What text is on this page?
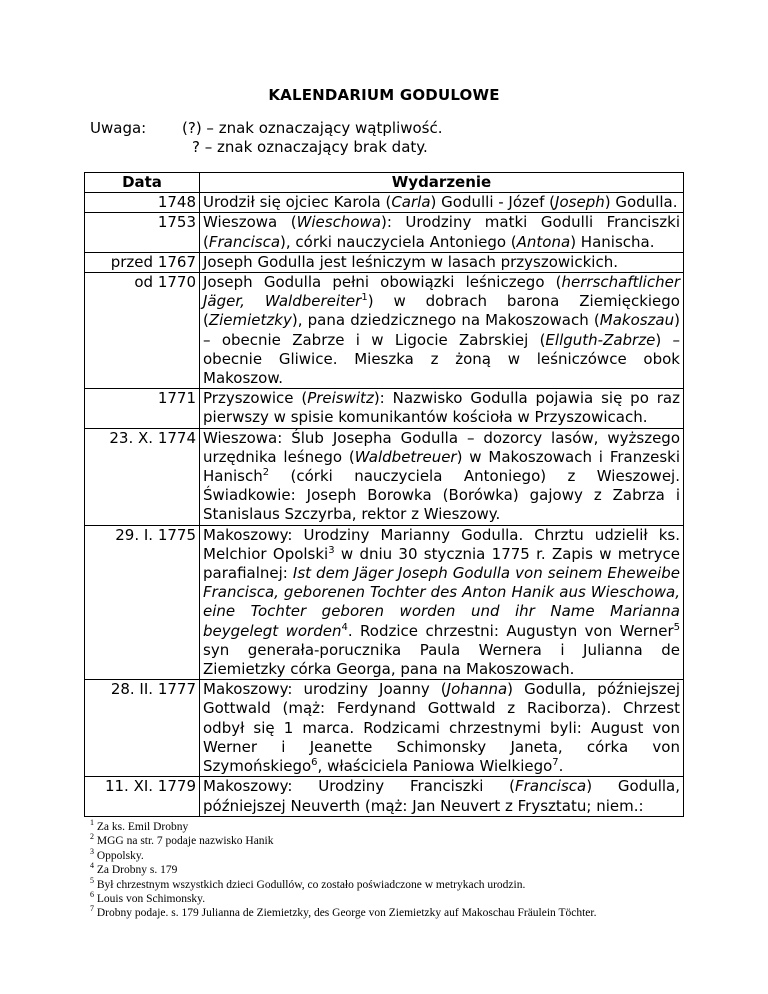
KALENDARIUM GODULOWE
Uwaga: (?) – znak oznaczający wątpliwość.
? – znak oznaczający brak daty.
Data	Wydarzenie
1748	Urodził się ojciec Karola (Carla) Godulli - Józef (Joseph) Godulla.
1753	Wieszowa (Wieschowa): Urodziny matki Godulli Franciszki (Francisca), córki nauczyciela Antoniego (Antona) Hanischa.
przed 1767	Joseph Godulla jest leśniczym w lasach przyszowickich.
od 1770	Joseph Godulla pełni obowiązki leśniczego (herrschaftlicher Jäger, Waldbereiter$^1$) w dobrach barona Ziemięckiego (Ziemietzky), pana dziedzicznego na Makoszowach (Makoszau) – obecnie Zabrze i w Ligocie Zabrskiej (Ellguth-Zabrze) – obecnie Gliwice. Mieszka z żoną w leśniczówce obok Makoszow.
1771	Przyszowice (Preiswitz): Nazwisko Godulla pojawia się po raz pierwszy w spisie komunikantów kościoła w Przyszowicach.
23. X. 1774	Wieszowa: Ślub Josepha Godulla – dozorcy lasów, wyższego urzędnika leśnego (Waldbetreuer) w Makoszowach i Franzeski Hanisch$^2$ (córki nauczyciela Antoniego) z Wieszowej. Świadkowie: Joseph Borowka (Borówka) gajowy z Zabrza i Stanislaus Szczyrba, rektor z Wieszowy.
29. I. 1775	Makoszowy: Urodziny Marianny Godulla. Chrztu udzielił ks. Melchior Opolski$^3$ w dniu 30 stycznia 1775 r. Zapis w metryce parafialnej: Ist dem Jäger Joseph Godulla von seinem Eheweibe Francisca, geborenen Tochter des Anton Hanik aus Wieschowa, eine Tochter geboren worden und ihr Name Marianna beygelegt worden$^4$. Rodzice chrzestni: Augustyn von Werner$^5$ syn generała-porucznika Paula Wernera i Julianna de Ziemietzky córka Georga, pana na Makoszowach.
28. II. 1777	Makoszowy: urodziny Joanny (Johanna) Godulla, późniejszej Gottwald (mąż: Ferdynand Gottwald z Raciborza). Chrzest odbył się 1 marca. Rodzicami chrzestnymi byli: August von Werner i Jeanette Schimonsky Janeta, córka von Szymońskiego$^6$, właściciela Paniowa Wielkiego$^7$.
11. XI. 1779	Makoszowy: Urodziny Franciszki (Francisca) Godulla, późniejszej Neuverth (mąż: Jan Neuvert z Frysztatu; niem.:
$^1$ Za ks. Emil Drobny
$^2$ MGG na str. 7 podaje nazwisko Hanik
$^3$ Oppolsky.
$^4$ Za Drobny s. 179
$^5$ Był chrzestnym wszystkich dzieci Godullów, co zostało poświadczone w metrykach urodzin.
$^6$ Louis von Schimonsky.
$^7$ Drobny podaje. s. 179 Julianna de Ziemietzky, des George von Ziemietzky auf Makoschau Fräulein Töchter.
